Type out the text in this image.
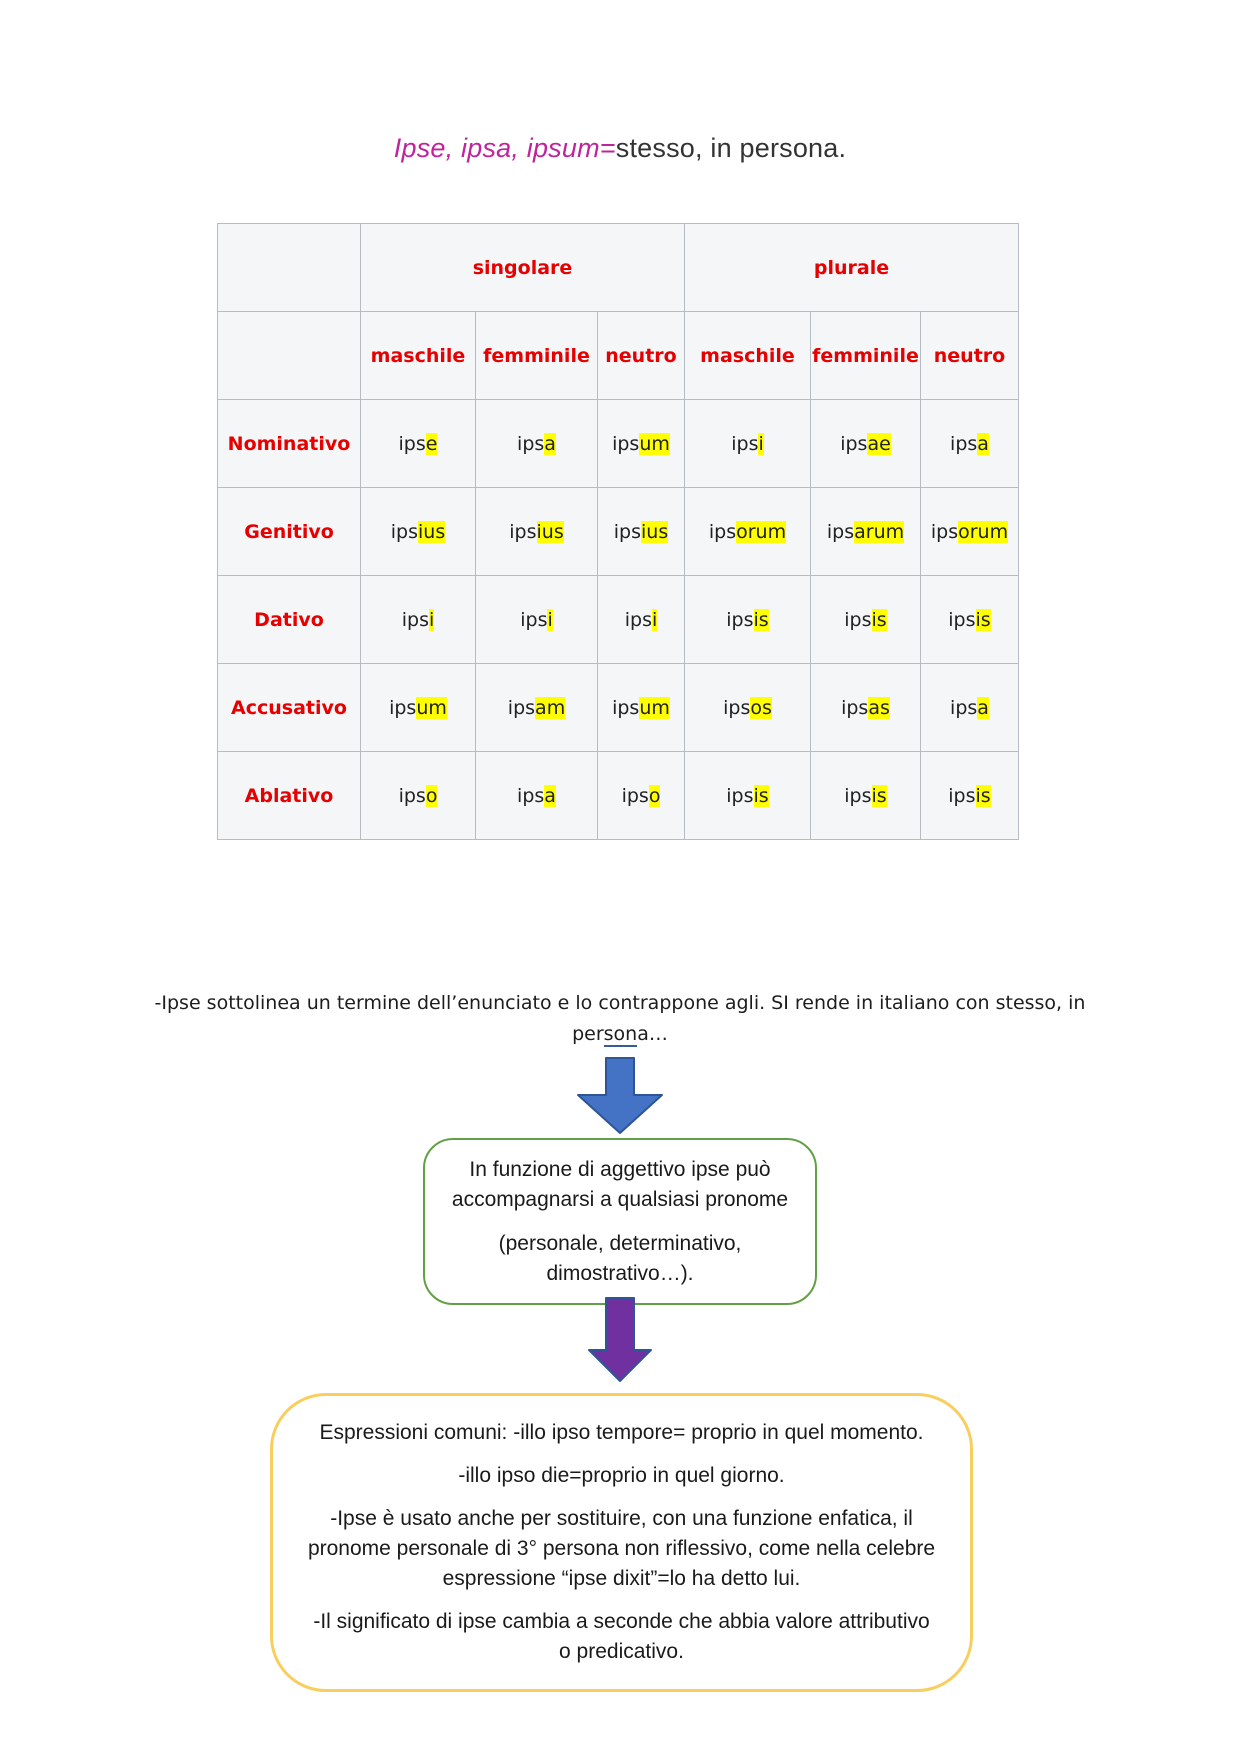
Ipse, ipsa, ipsum=stesso, in persona.
	singolare			plurale		
	maschile	femminile	neutro	maschile	femminile	neutro
Nominativo	ipse	ipsa	ipsum	ipsi	ipsae	ipsa
Genitivo	ipsius	ipsius	ipsius	ipsorum	ipsarum	ipsorum
Dativo	ipsi	ipsi	ipsi	ipsis	ipsis	ipsis
Accusativo	ipsum	ipsam	ipsum	ipsos	ipsas	ipsa
Ablativo	ipso	ipsa	ipso	ipsis	ipsis	ipsis
-Ipse sottolinea un termine dell’enunciato e lo contrappone agli. SI rende in italiano con stesso, in
persona…

In funzione di aggettivo ipse può accompagnarsi a qualsiasi pronome

(personale, determinativo, dimostrativo…).

Espressioni comuni: -illo ipso tempore= proprio in quel momento.

-illo ipso die=proprio in quel giorno.

-Ipse è usato anche per sostituire, con una funzione enfatica, il pronome personale di 3° persona non riflessivo, come nella celebre espressione “ipse dixit”=lo ha detto lui.

-Il significato di ipse cambia a seconde che abbia valore attributivo o predicativo.
